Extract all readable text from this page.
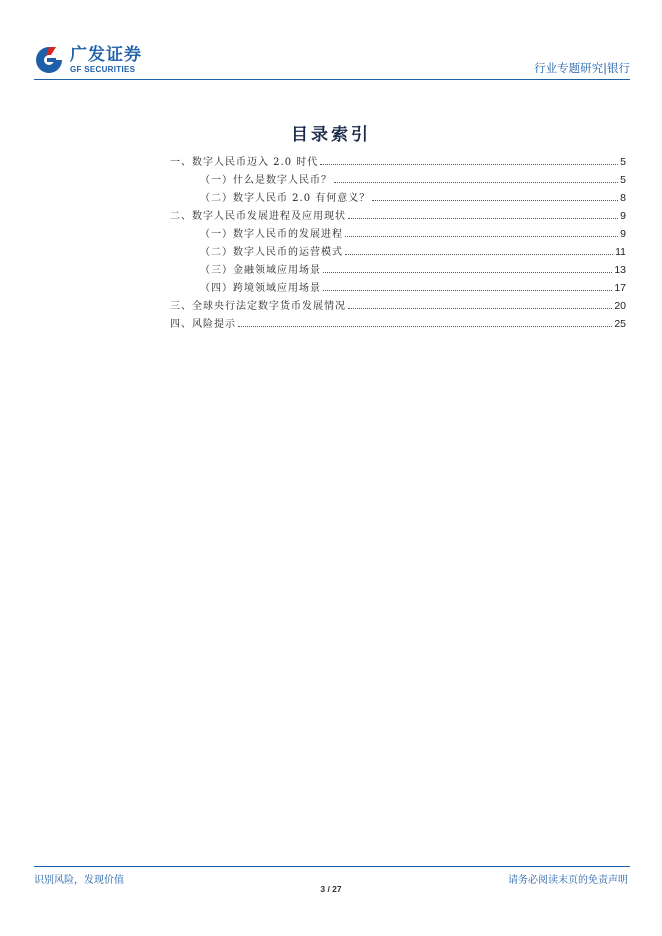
广发证券
GF SECURITIES	行业专题研究|银行
目录索引
一、数字人民币迈入 2.0 时代	5
（一）什么是数字人民币？	5
（二）数字人民币 2.0 有何意义？	8
二、数字人民币发展进程及应用现状	9
（一）数字人民币的发展进程	9
（二）数字人民币的运营模式	11
（三）金融领域应用场景	13
（四）跨境领域应用场景	17
三、全球央行法定数字货币发展情况	20
四、风险提示	25
识别风险，发现价值	请务必阅读末页的免责声明
3 / 27
